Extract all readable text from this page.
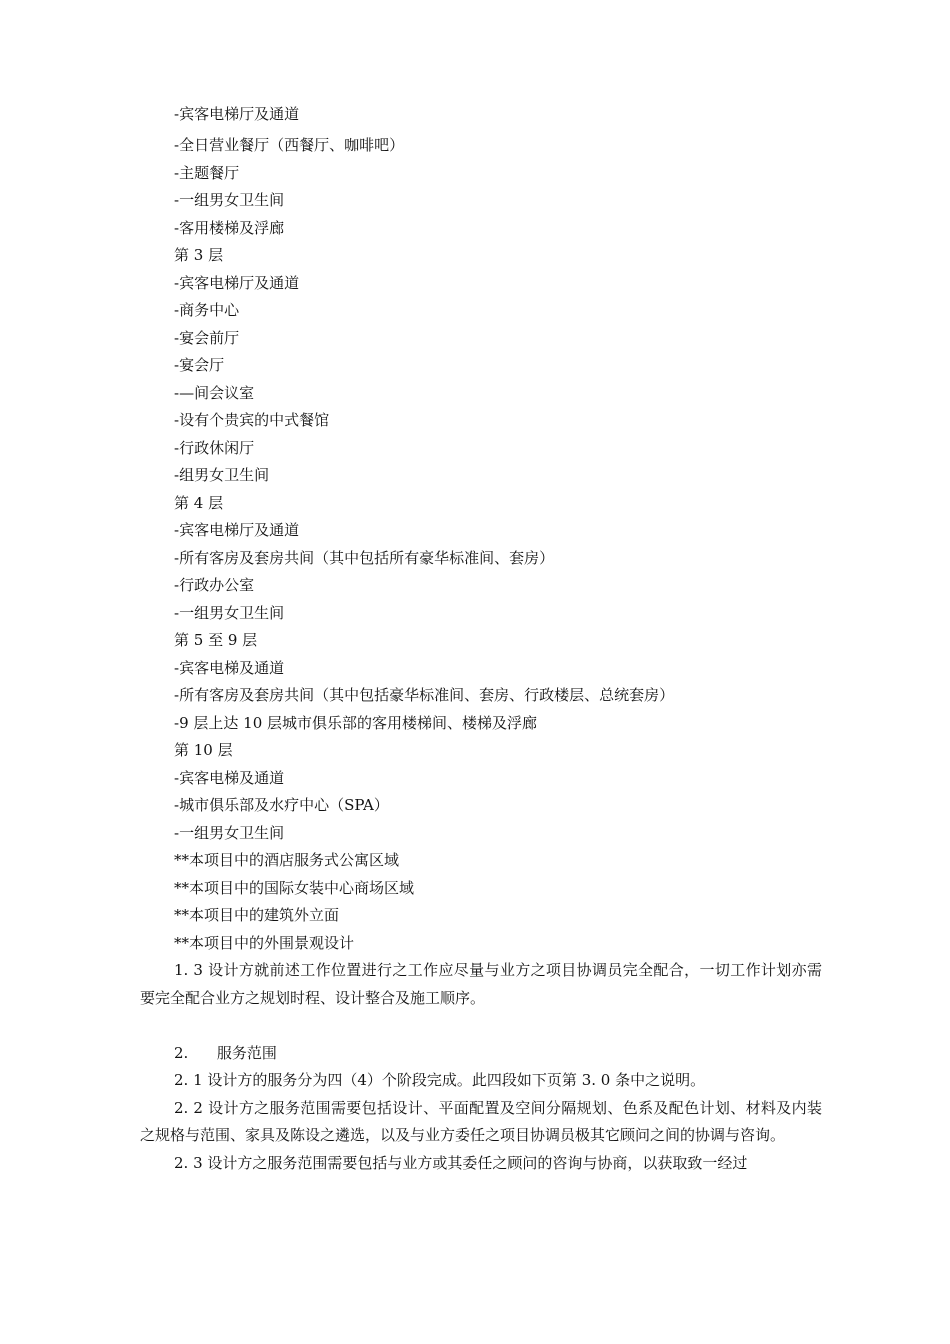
-宾客电梯厅及通道
-全日营业餐厅（西餐厅、咖啡吧）
-主题餐厅
-一组男女卫生间
-客用楼梯及浮廊
第 3 层
-宾客电梯厅及通道
-商务中心
-宴会前厅
-宴会厅
-—间会议室
-设有个贵宾的中式餐馆
-行政休闲厅
-组男女卫生间
第 4 层
-宾客电梯厅及通道
-所有客房及套房共间（其中包括所有豪华标准间、套房）
-行政办公室
-一组男女卫生间
第 5 至 9 层
-宾客电梯及通道
-所有客房及套房共间（其中包括豪华标准间、套房、行政楼层、总统套房）
-9 层上达 10 层城市俱乐部的客用楼梯间、楼梯及浮廊
第 10 层
-宾客电梯及通道
-城市俱乐部及水疗中心（SPA）
-一组男女卫生间
**本项目中的酒店服务式公寓区域
**本项目中的国际女装中心商场区域
**本项目中的建筑外立面
**本项目中的外围景观设计
1. 3 设计方就前述工作位置进行之工作应尽量与业方之项目协调员完全配合，一切工作计划亦需要完全配合业方之规划时程、设计整合及施工顺序。
2.      服务范围
2. 1 设计方的服务分为四（4）个阶段完成。此四段如下页第 3. 0 条中之说明。
2. 2 设计方之服务范围需要包括设计、平面配置及空间分隔规划、色系及配色计划、材料及内装之规格与范围、家具及陈设之遴选，以及与业方委任之项目协调员极其它顾问之间的协调与咨询。
2. 3 设计方之服务范围需要包括与业方或其委任之顾问的咨询与协商，以获取致一经过
